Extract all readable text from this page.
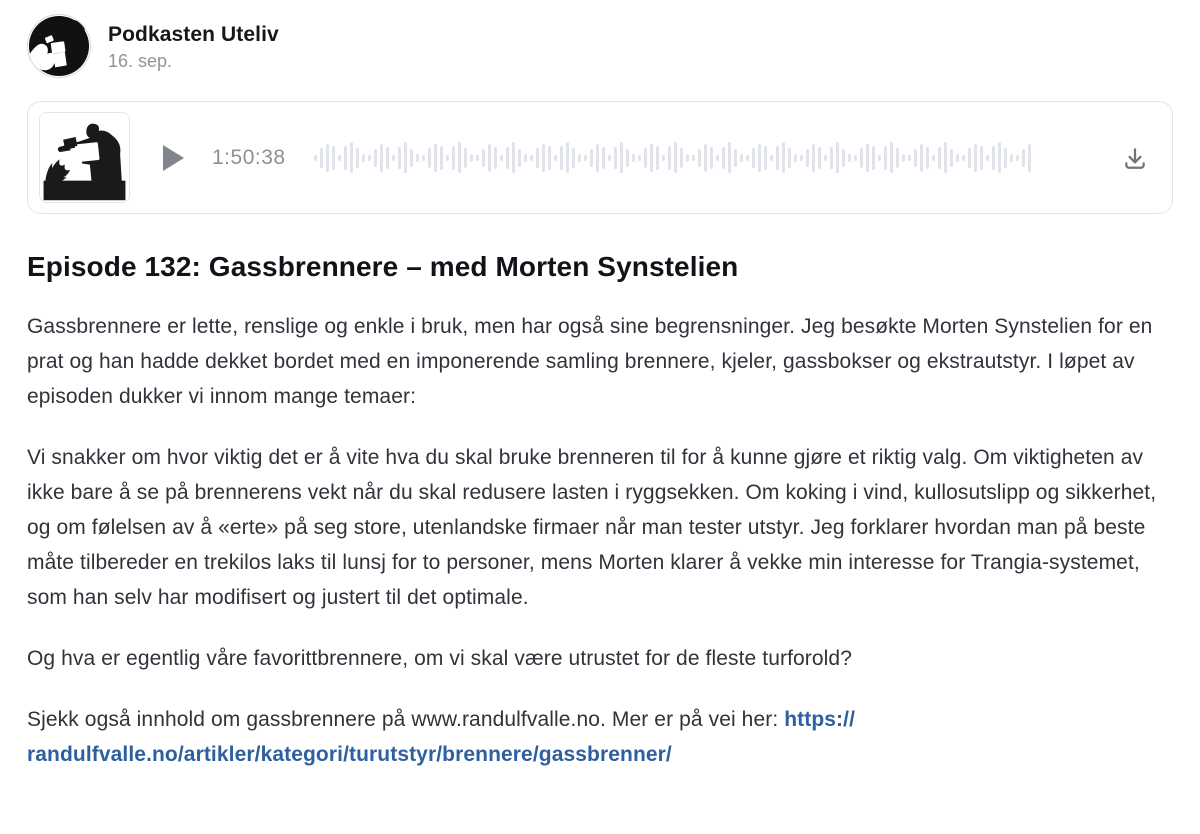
Podkasten Uteliv
16. sep.
1:50:38
Episode 132: Gassbrennere – med Morten Synstelien

Gassbrennere er lette, renslige og enkle i bruk, men har også sine begrensninger. Jeg besøkte Morten Synstelien for en prat og han hadde dekket bordet med en imponerende samling brennere, kjeler, gassbokser og ekstrautstyr. I løpet av episoden dukker vi innom mange temaer:

Vi snakker om hvor viktig det er å vite hva du skal bruke brenneren til for å kunne gjøre et riktig valg. Om viktigheten av ikke bare å se på brennerens vekt når du skal redusere lasten i ryggsekken. Om koking i vind, kullosutslipp og sikkerhet, og om følelsen av å «erte» på seg store, utenlandske firmaer når man tester utstyr. Jeg forklarer hvordan man på beste måte tilbereder en trekilos laks til lunsj for to personer, mens Morten klarer å vekke min interesse for Trangia-systemet, som han selv har modifisert og justert til det optimale.

Og hva er egentlig våre favorittbrennere, om vi skal være utrustet for de fleste turforold?

Sjekk også innhold om gassbrennere på www.randulfvalle.no. Mer er på vei her: https://randulfvalle.no/artikler/kategori/turutstyr/brennere/gassbrenner/
